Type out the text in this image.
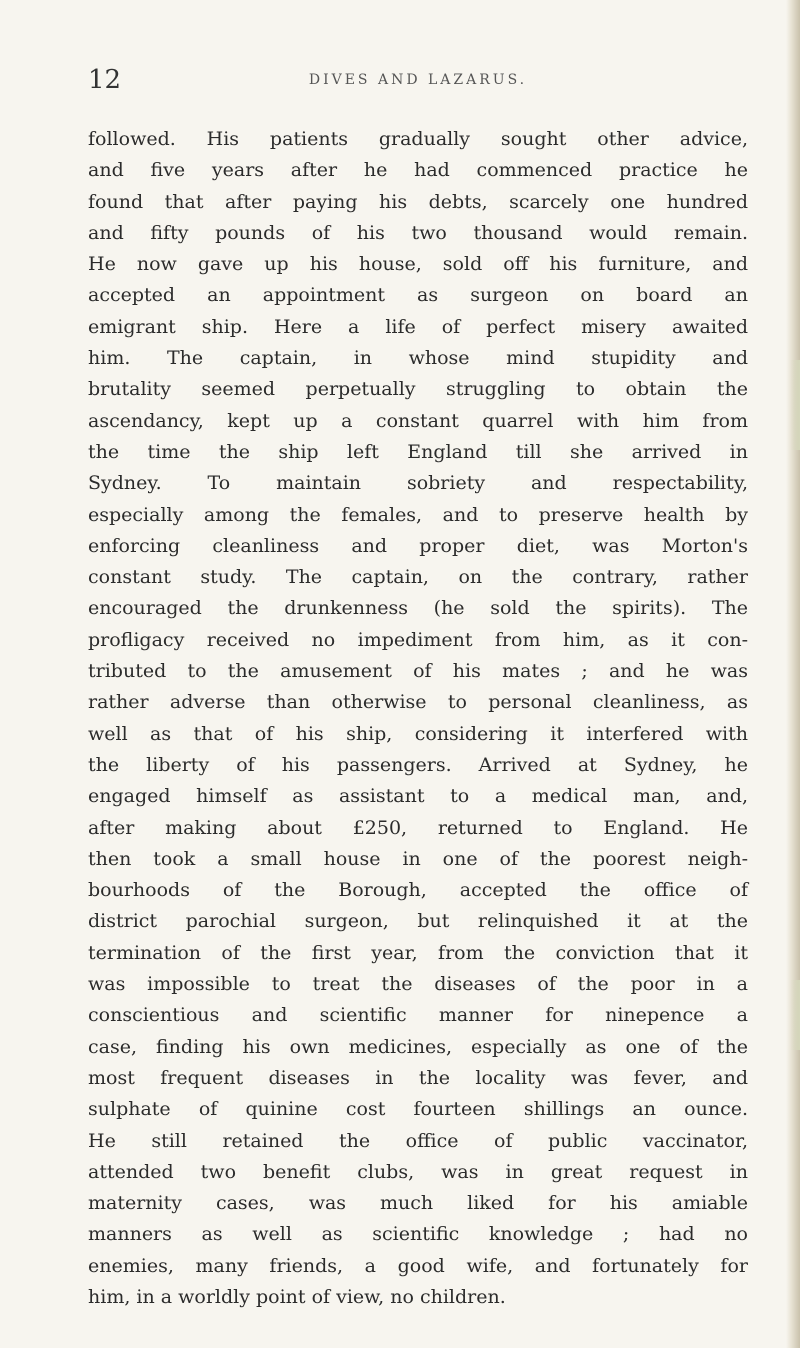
12	DIVES AND LAZARUS.
followed. His patients gradually sought other advice,
and five years after he had commenced practice he
found that after paying his debts, scarcely one hundred
and fifty pounds of his two thousand would remain.
He now gave up his house, sold off his furniture, and
accepted an appointment as surgeon on board an
emigrant ship. Here a life of perfect misery awaited
him. The captain, in whose mind stupidity and
brutality seemed perpetually struggling to obtain the
ascendancy, kept up a constant quarrel with him from
the time the ship left England till she arrived in
Sydney. To maintain sobriety and respectability,
especially among the females, and to preserve health by
enforcing cleanliness and proper diet, was Morton's
constant study. The captain, on the contrary, rather
encouraged the drunkenness (he sold the spirits). The
profligacy received no impediment from him, as it con-
tributed to the amusement of his mates ; and he was
rather adverse than otherwise to personal cleanliness, as
well as that of his ship, considering it interfered with
the liberty of his passengers. Arrived at Sydney, he
engaged himself as assistant to a medical man, and,
after making about £250, returned to England. He
then took a small house in one of the poorest neigh-
bourhoods of the Borough, accepted the office of
district parochial surgeon, but relinquished it at the
termination of the first year, from the conviction that it
was impossible to treat the diseases of the poor in a
conscientious and scientific manner for ninepence a
case, finding his own medicines, especially as one of the
most frequent diseases in the locality was fever, and
sulphate of quinine cost fourteen shillings an ounce.
He still retained the office of public vaccinator,
attended two benefit clubs, was in great request in
maternity cases, was much liked for his amiable
manners as well as scientific knowledge ; had no
enemies, many friends, a good wife, and fortunately for
him, in a worldly point of view, no children.
